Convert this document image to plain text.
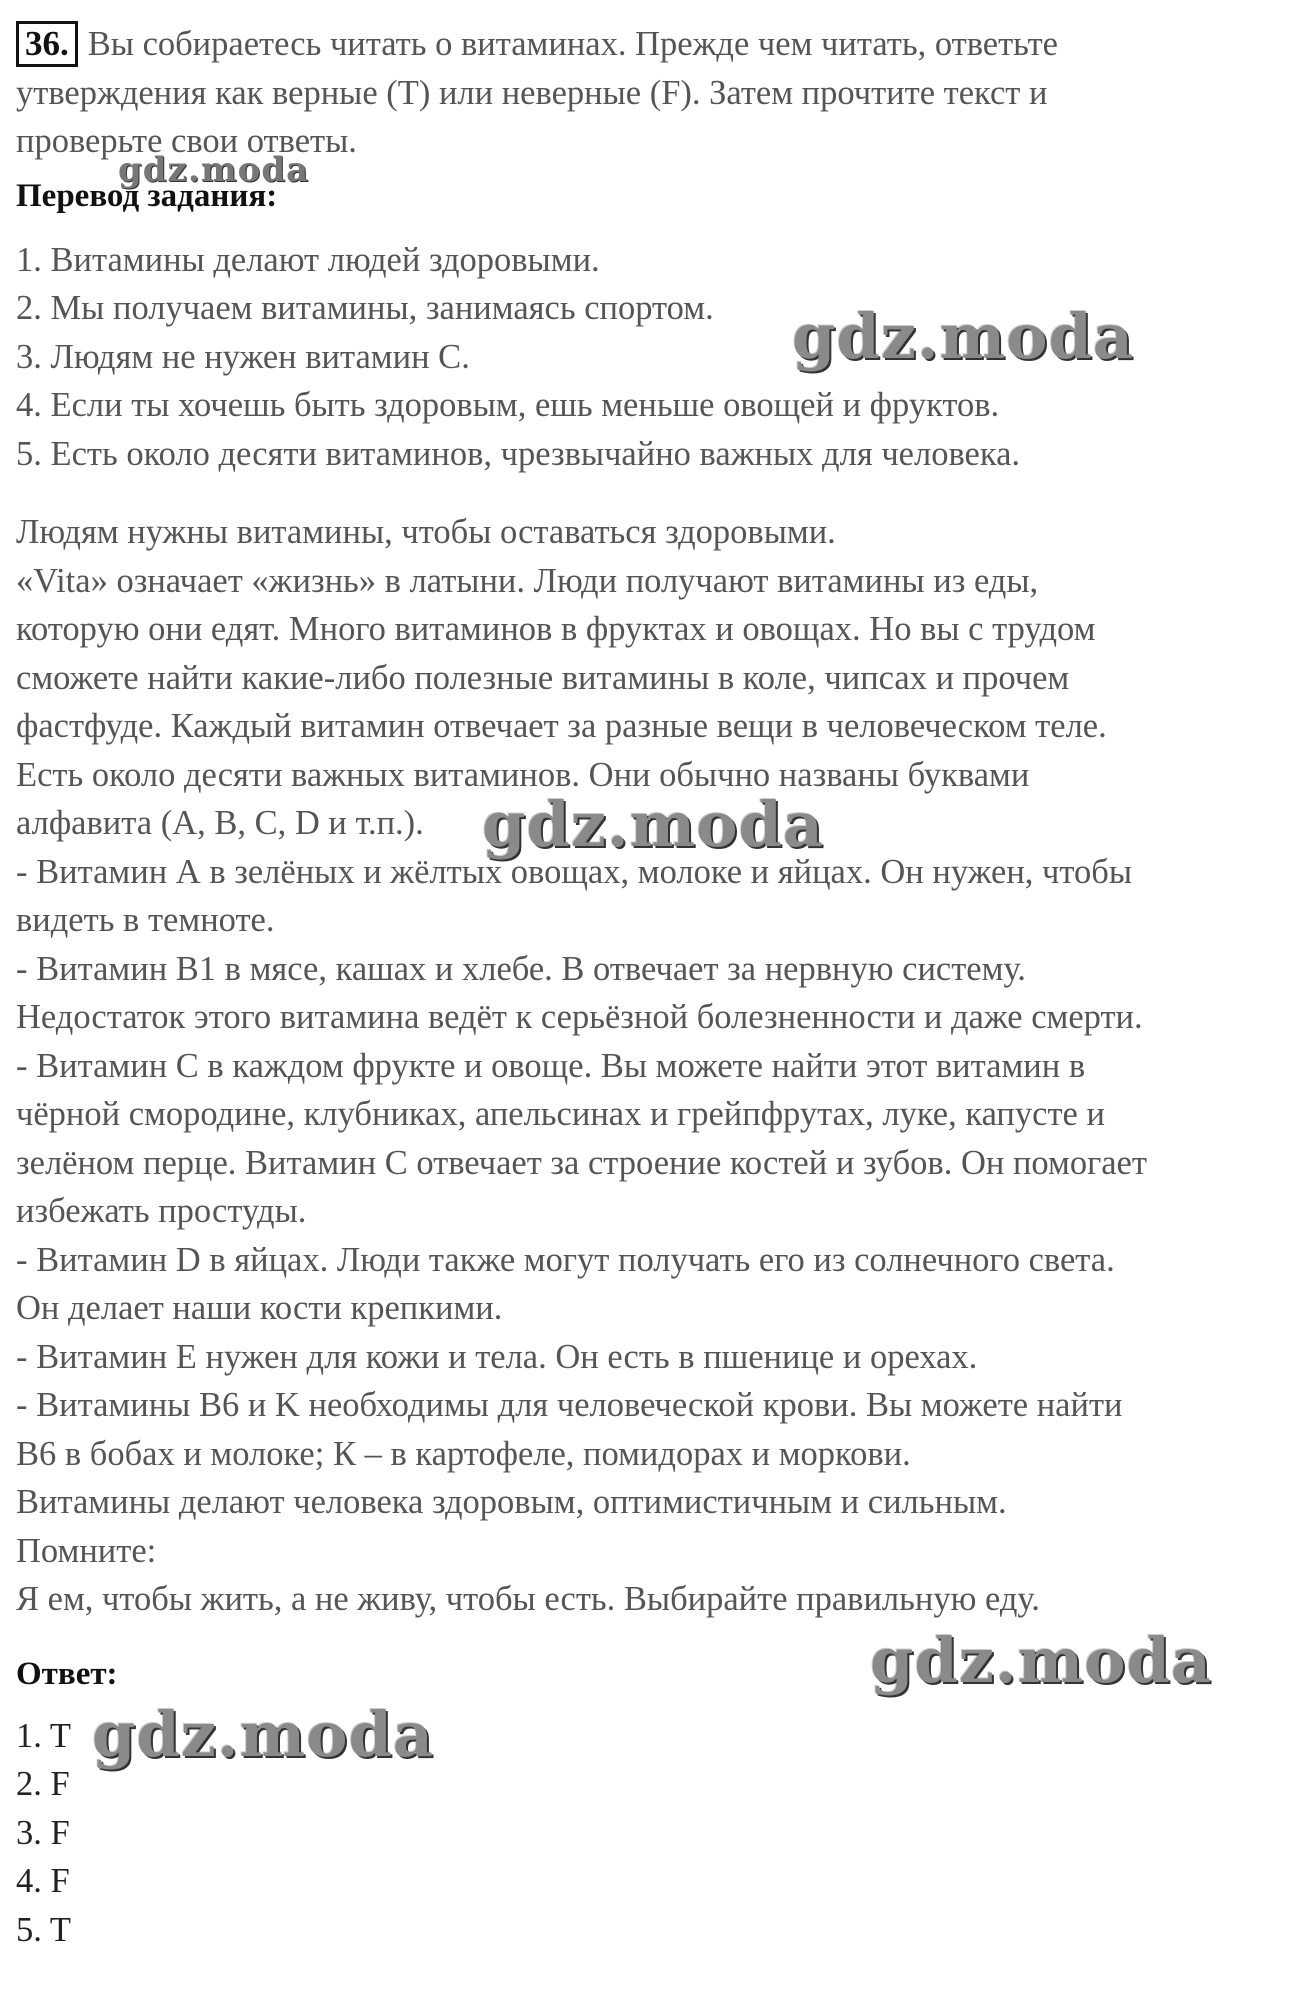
36. Вы собираетесь читать о витаминах. Прежде чем читать, ответьте

утверждения как верные (T) или неверные (F). Затем прочтите текст и

проверьте свои ответы.

Перевод задания:

1. Витамины делают людей здоровыми.

2. Мы получаем витамины, занимаясь спортом.

3. Людям не нужен витамин С.

4. Если ты хочешь быть здоровым, ешь меньше овощей и фруктов.

5. Есть около десяти витаминов, чрезвычайно важных для человека.

Людям нужны витамины, чтобы оставаться здоровыми.

«Vita» означает «жизнь» в латыни. Люди получают витамины из еды,

которую они едят. Много витаминов в фруктах и овощах. Но вы с трудом

сможете найти какие-либо полезные витамины в коле, чипсах и прочем

фастфуде. Каждый витамин отвечает за разные вещи в человеческом теле.

Есть около десяти важных витаминов. Они обычно названы буквами

алфавита (А, B, C, D и т.п.).

- Витамин А в зелёных и жёлтых овощах, молоке и яйцах. Он нужен, чтобы

видеть в темноте.

- Витамин B1 в мясе, кашах и хлебе. В отвечает за нервную систему.

Недостаток этого витамина ведёт к серьёзной болезненности и даже смерти.

- Витамин С в каждом фрукте и овоще. Вы можете найти этот витамин в

чёрной смородине, клубниках, апельсинах и грейпфрутах, луке, капусте и

зелёном перце. Витамин С отвечает за строение костей и зубов. Он помогает

избежать простуды.

- Витамин D в яйцах. Люди также могут получать его из солнечного света.

Он делает наши кости крепкими.

- Витамин E нужен для кожи и тела. Он есть в пшенице и орехах.

- Витамины B6 и K необходимы для человеческой крови. Вы можете найти

B6 в бобах и молоке; К – в картофеле, помидорах и моркови.

Витамины делают человека здоровым, оптимистичным и сильным.

Помните:

Я ем, чтобы жить, а не живу, чтобы есть. Выбирайте правильную еду.

Ответ:

1. T

2. F

3. F

4. F

5. T

gdz.moda
gdz.moda
gdz.moda
gdz.moda
gdz.moda
